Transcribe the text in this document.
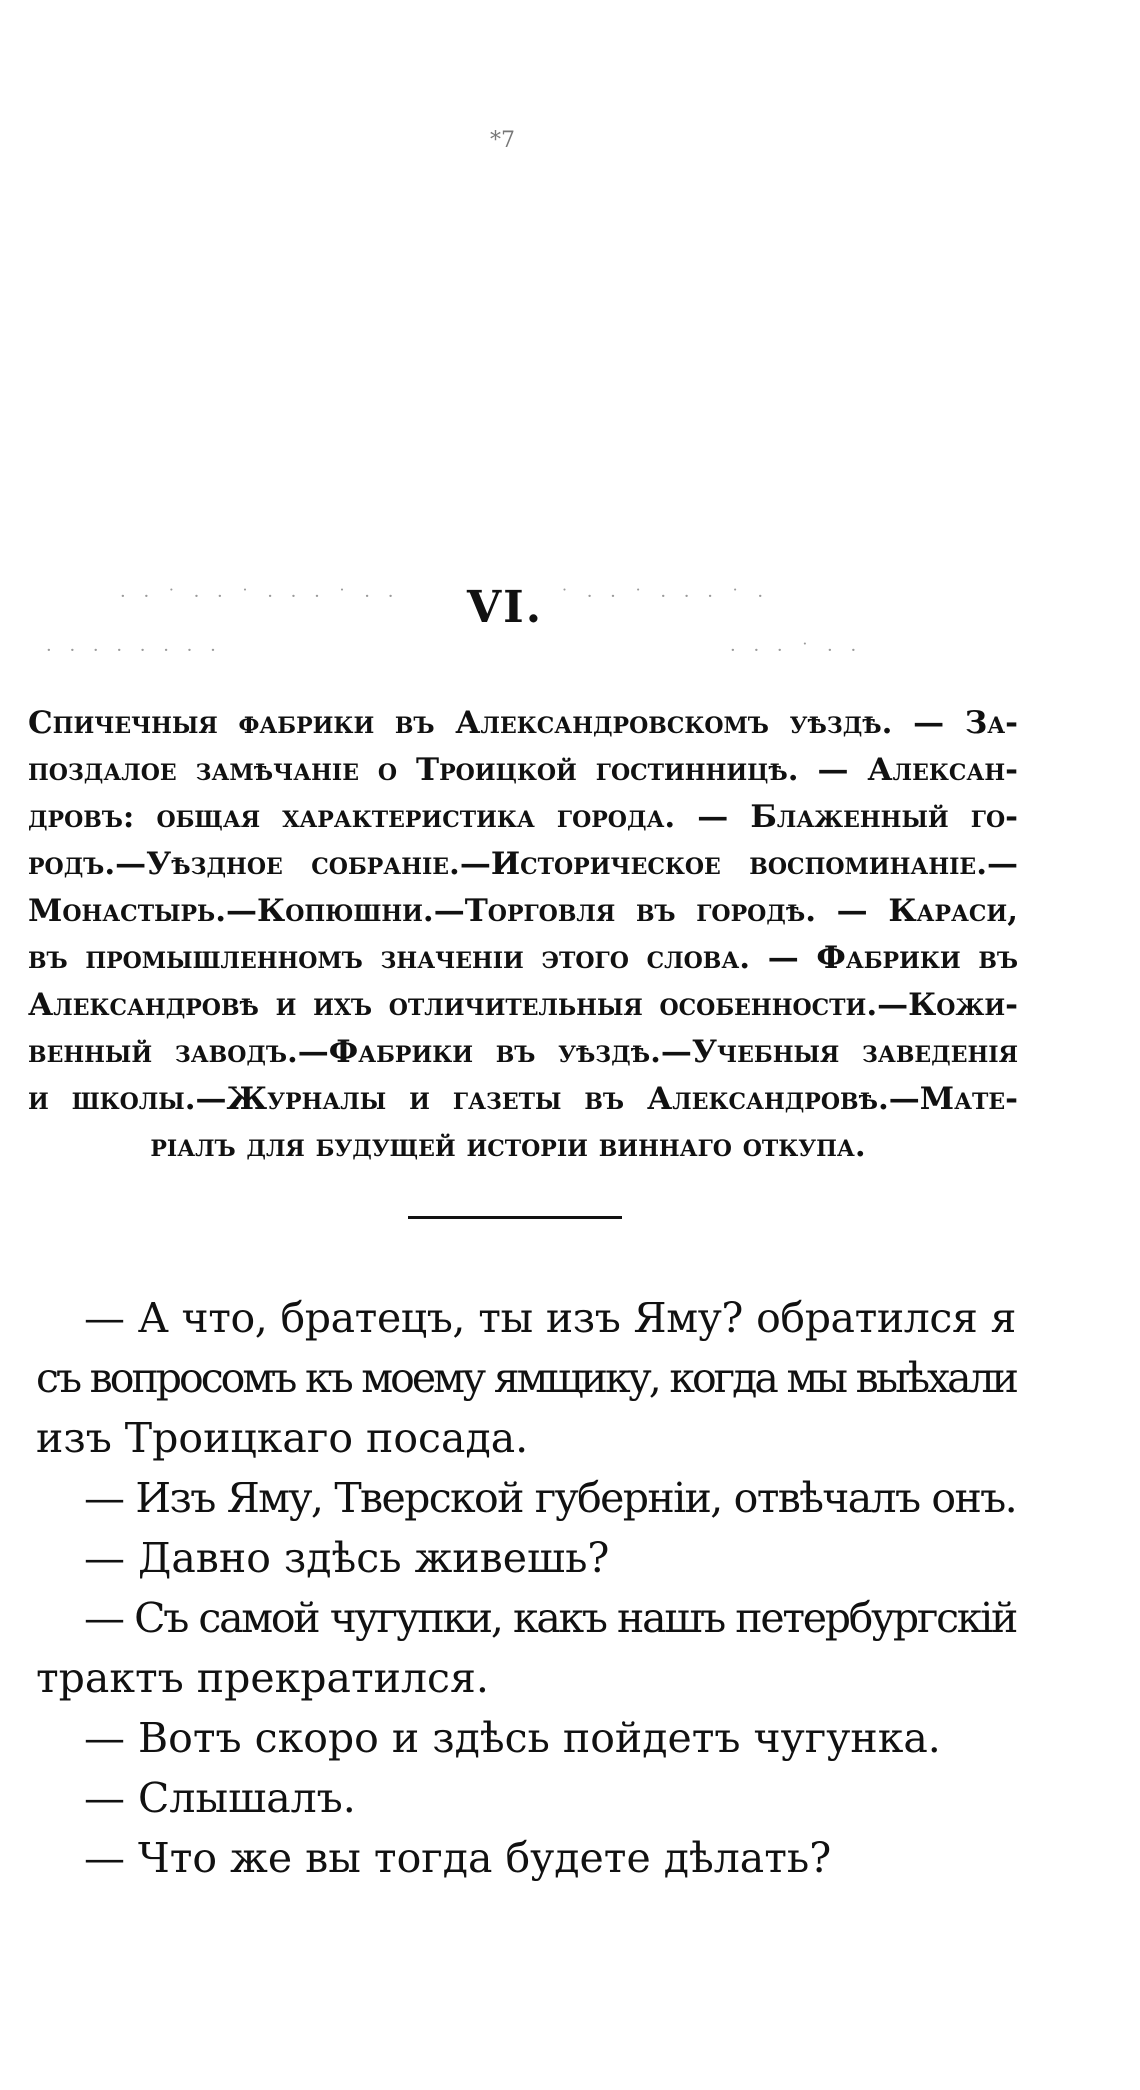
*7
· · ˙ · · ˙ · · · ˙ · ·	˙ · · ˙ · · · ˙ ·
· · · · · · · ·	· · · ˙ · ·
VI.
Спичечныя фабрики въ Александровскомъ уѣздѣ. — За-
поздалое замѣчаніе о Троицкой гостинницѣ. — Алексан-
дровъ: общая характеристика города. — Блаженный го-
родъ.—Уѣздное собраніе.—Историческое воспоминаніе.—
Монастырь.—Копюшни.—Торговля въ городѣ. — Караси,
въ промышленномъ значеніи этого слова. — Фабрики въ
Александровѣ и ихъ отличительныя особенности.—Кожи-
венный заводъ.—Фабрики въ уѣздѣ.—Учебныя заведенія
и школы.—Журналы и газеты въ Александровѣ.—Мате-
ріалъ для будущей исторіи виннаго откупа.
— А что, братецъ, ты изъ Яму? обратился я
съ вопросомъ къ моему ямщику, когда мы выѣхали
изъ Троицкаго посада.
— Изъ Яму, Тверской губерніи, отвѣчалъ онъ.
— Давно здѣсь живешь?
— Съ самой чугупки, какъ нашъ петербургскій
трактъ прекратился.
— Вотъ скоро и здѣсь пойдетъ чугунка.
— Слышалъ.
— Что же вы тогда будете дѣлать?
